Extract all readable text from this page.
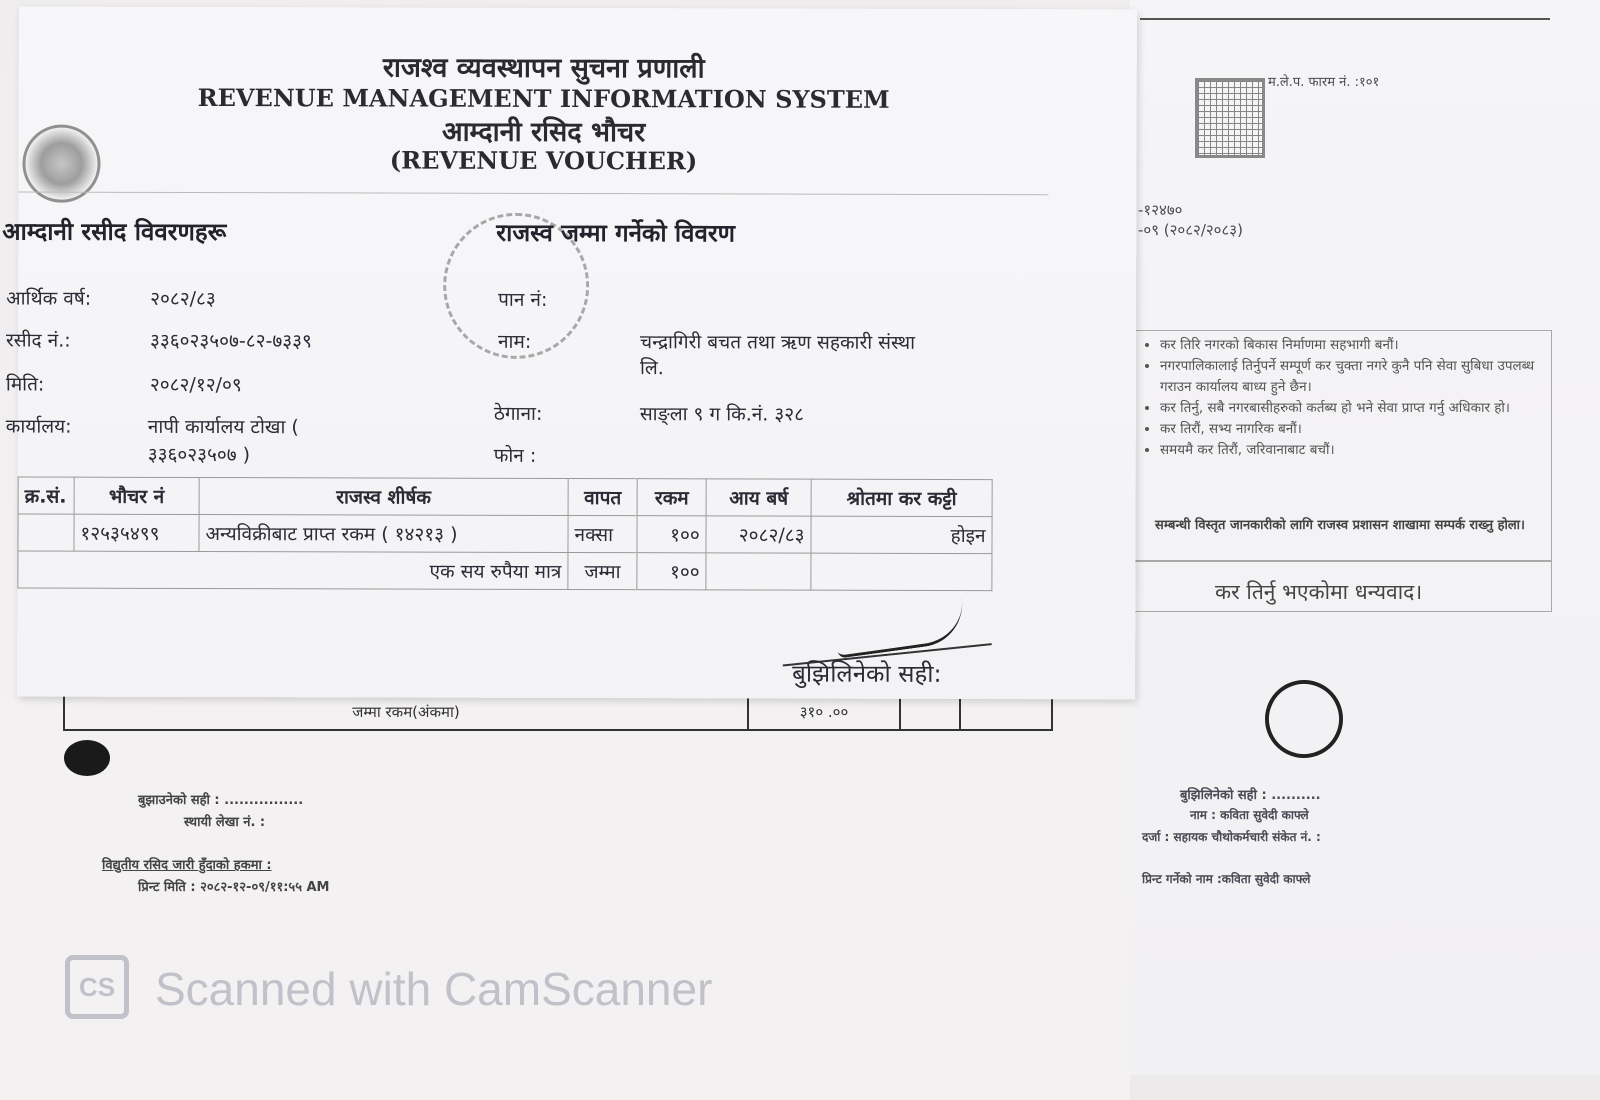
म.ले.प. फारम नं. :१०१
-१२४७०
-०९ (२०८२/२०८३)
• कर तिरि नगरको बिकास निर्माणमा सहभागी बनौं।
• नगरपालिकालाई तिर्नुपर्ने सम्पूर्ण कर चुक्ता नगरे कुनै पनि सेवा सुबिधा उपलब्ध गराउन कार्यालय बाध्य हुने छैन।
• कर तिर्नु, सबै नगरबासीहरुको कर्तब्य हो भने सेवा प्राप्त गर्नु अधिकार हो।
• कर तिरौं, सभ्य नागरिक बनौं।
• समयमै कर तिरौं, जरिवानाबाट बचौं।
सम्बन्धी विस्तृत जानकारीको लागि राजस्व प्रशासन शाखामा सम्पर्क राख्नु होला।
कर तिर्नु भएकोमा धन्यवाद।
बुझिलिनेको सही : ..........
नाम : कविता सुवेदी काफ्ले
दर्जा : सहायक चौथोकर्मचारी संकेत नं. :
प्रिन्ट गर्नेको नाम :कविता सुवेदी काफ्ले
जम्मा रकम(अंकमा)	३१० .००		
बुझाउनेको सही : ................
स्थायी लेखा नं. :
विद्युतीय रसिद जारी हुँदाको हकमा :
प्रिन्ट मिति : २०८२-१२-०९/११:५५ AM
राजश्व व्यवस्थापन सुचना प्रणाली
REVENUE MANAGEMENT INFORMATION SYSTEM
आम्दानी रसिद भौचर
(REVENUE VOUCHER)
आम्दानी रसीद विवरणहरू	राजस्व जम्मा गर्नेको विवरण
आर्थिक वर्ष:	२०८२/८३
रसीद नं.:	३३६०२३५०७-८२-७३३९
मिति:	२०८२/१२/०९
कार्यालय:	नापी कार्यालय टोखा (
३३६०२३५०७ )
पान नं:
नाम:	चन्द्रागिरी बचत तथा ऋण सहकारी संस्था
लि.
ठेगाना:	साङ्ला ९ ग कि.नं. ३२८
फोन :
क्र.सं.	भौचर नं	राजस्व शीर्षक	वापत	रकम	आय बर्ष	श्रोतमा कर कट्टी
	१२५३५४९९	अन्यविक्रीबाट प्राप्त रकम ( १४२१३ )	नक्सा	१००	२०८२/८३	होइन
एक सय रुपैया मात्र			जम्मा	१००		
बुझिलिनेको सही:
CS Scanned with CamScanner
